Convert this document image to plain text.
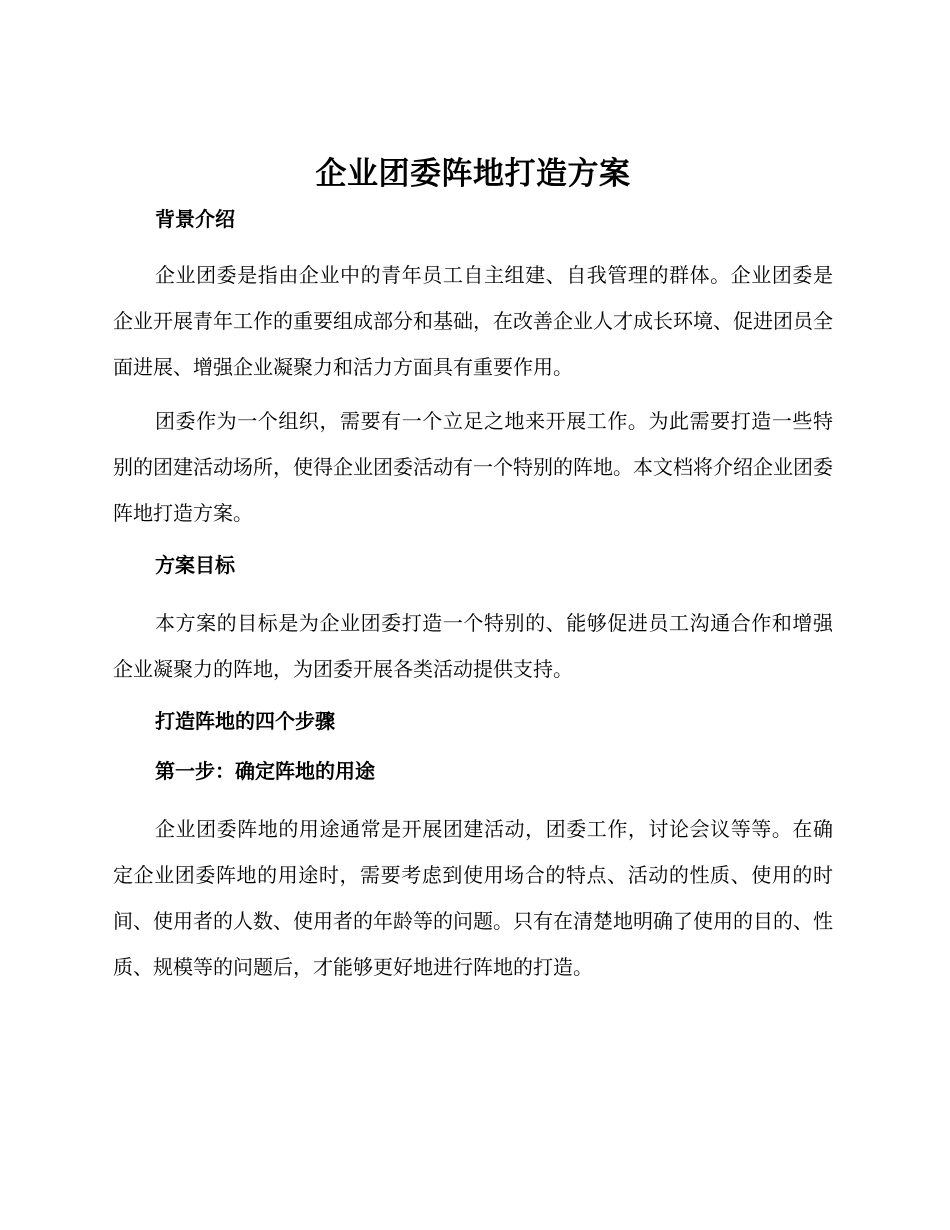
企业团委阵地打造方案
背景介绍

企业团委是指由企业中的青年员工自主组建、自我管理的群体。企业团委是企业开展青年工作的重要组成部分和基础，在改善企业人才成长环境、促进团员全面进展、增强企业凝聚力和活力方面具有重要作用。

团委作为一个组织，需要有一个立足之地来开展工作。为此需要打造一些特别的团建活动场所，使得企业团委活动有一个特别的阵地。本文档将介绍企业团委阵地打造方案。

方案目标

本方案的目标是为企业团委打造一个特别的、能够促进员工沟通合作和增强企业凝聚力的阵地，为团委开展各类活动提供支持。

打造阵地的四个步骤
第一步：确定阵地的用途

企业团委阵地的用途通常是开展团建活动，团委工作，讨论会议等等。在确定企业团委阵地的用途时，需要考虑到使用场合的特点、活动的性质、使用的时间、使用者的人数、使用者的年龄等的问题。只有在清楚地明确了使用的目的、性质、规模等的问题后，才能够更好地进行阵地的打造。
